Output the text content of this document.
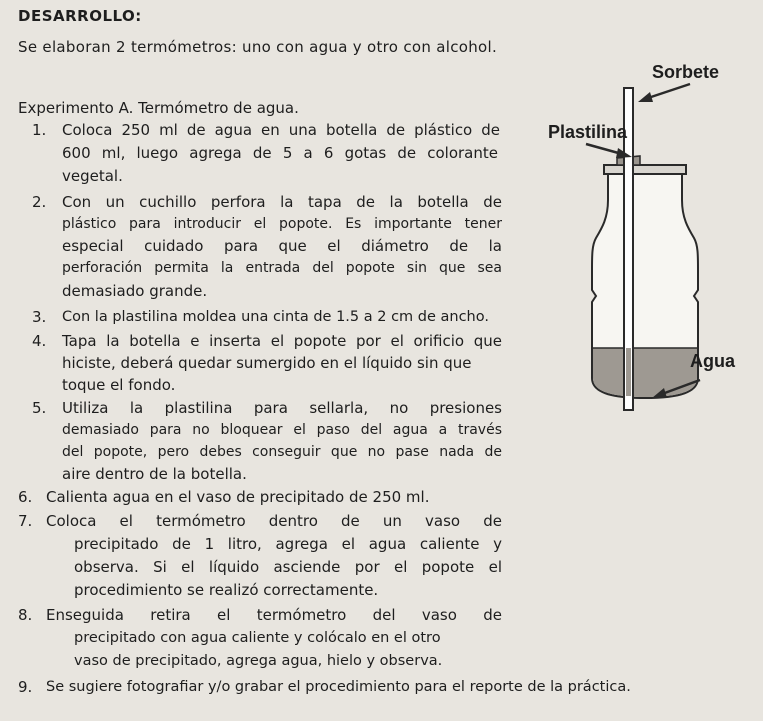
DESARROLLO:
Se elaboran 2 termómetros: uno con agua y otro con alcohol.
Experimento A. Termómetro de agua.
1. Coloca 250 ml de agua en una botella de plástico de
600 ml, luego agrega de 5 a 6 gotas de colorante
vegetal.
2. Con un cuchillo perfora la tapa de la botella de
plástico para introducir el popote. Es importante tener
especial cuidado para que el diámetro de la
perforación permita la entrada del popote sin que sea
demasiado grande.
3. Con la plastilina moldea una cinta de 1.5 a 2 cm de ancho.
4. Tapa la botella e inserta el popote por el orificio que
hiciste, deberá quedar sumergido en el líquido sin que
toque el fondo.
5. Utiliza la plastilina para sellarla, no presiones
demasiado para no bloquear el paso del agua a través
del popote, pero debes conseguir que no pase nada de
aire dentro de la botella.
6. Calienta agua en el vaso de precipitado de 250 ml.
7. Coloca el termómetro dentro de un vaso de
precipitado de 1 litro, agrega el agua caliente y
observa. Si el líquido asciende por el popote el
procedimiento se realizó correctamente.
8. Enseguida retira el termómetro del vaso de
precipitado con agua caliente y colócalo en el otro
vaso de precipitado, agrega agua, hielo y observa.
9. Se sugiere fotografiar y/o grabar el procedimiento para el reporte de la práctica.
Sorbete
Plastilina
Agua
